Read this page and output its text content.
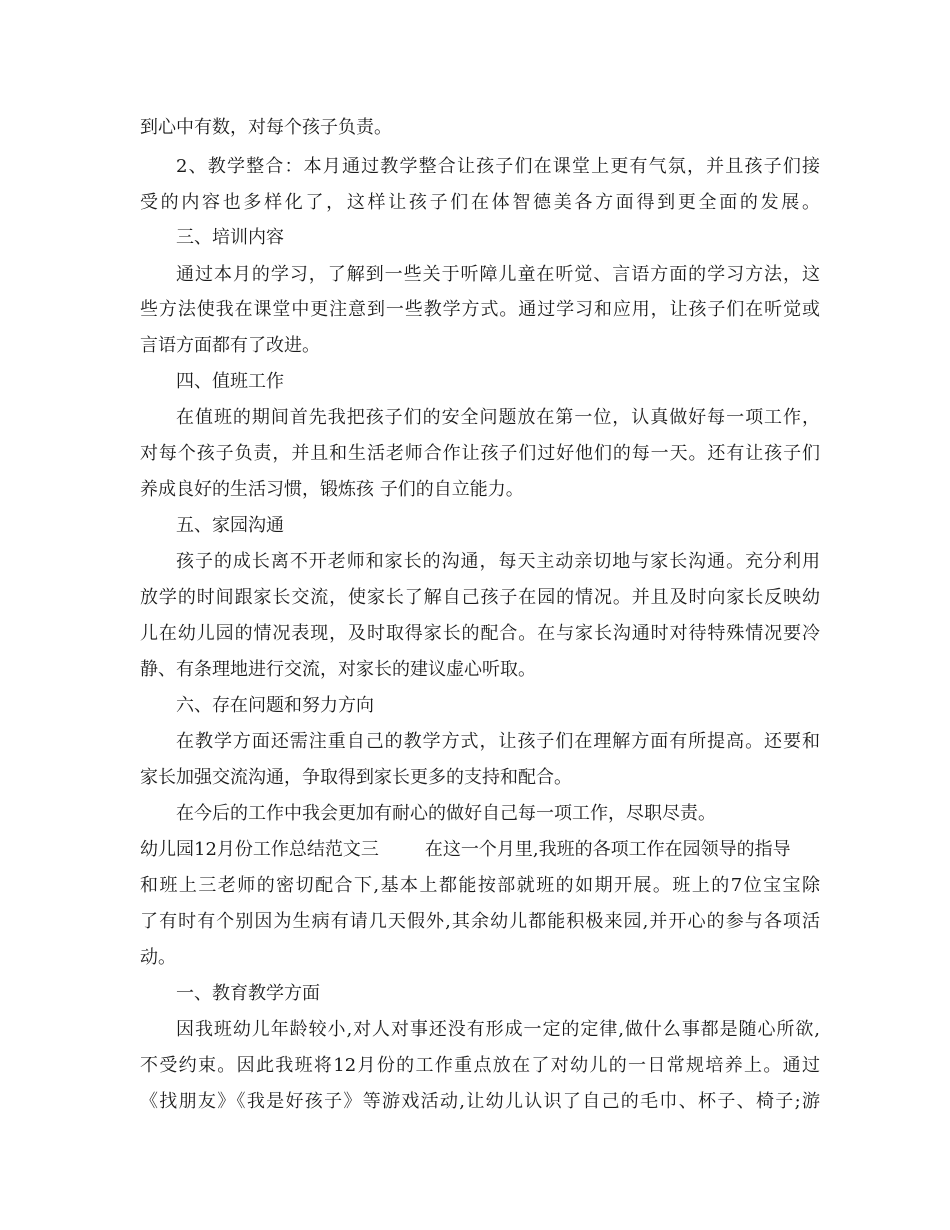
到心中有数，对每个孩子负责。
2、教学整合：本月通过教学整合让孩子们在课堂上更有气氛，并且孩子们接
受的内容也多样化了，这样让孩子们在体智德美各方面得到更全面的发展。
三、培训内容
通过本月的学习，了解到一些关于听障儿童在听觉、言语方面的学习方法，这
些方法使我在课堂中更注意到一些教学方式。通过学习和应用，让孩子们在听觉或
言语方面都有了改进。
四、值班工作
在值班的期间首先我把孩子们的安全问题放在第一位，认真做好每一项工作，
对每个孩子负责，并且和生活老师合作让孩子们过好他们的每一天。还有让孩子们
养成良好的生活习惯，锻炼孩 子们的自立能力。
五、家园沟通
孩子的成长离不开老师和家长的沟通，每天主动亲切地与家长沟通。充分利用
放学的时间跟家长交流，使家长了解自己孩子在园的情况。并且及时向家长反映幼
儿在幼儿园的情况表现，及时取得家长的配合。在与家长沟通时对待特殊情况要冷
静、有条理地进行交流，对家长的建议虚心听取。
六、存在问题和努力方向
在教学方面还需注重自己的教学方式，让孩子们在理解方面有所提高。还要和
家长加强交流沟通，争取得到家长更多的支持和配合。
在今后的工作中我会更加有耐心的做好自己每一项工作，尽职尽责。
幼儿园12月份工作总结范文三	在这一个月里,我班的各项工作在园领导的指导
和班上三老师的密切配合下,基本上都能按部就班的如期开展。班上的7位宝宝除
了有时有个别因为生病有请几天假外,其余幼儿都能积极来园,并开心的参与各项活
动。
一、教育教学方面
因我班幼儿年龄较小,对人对事还没有形成一定的定律,做什么事都是随心所欲,
不受约束。因此我班将12月份的工作重点放在了对幼儿的一日常规培养上。通过
《找朋友》《我是好孩子》等游戏活动,让幼儿认识了自己的毛巾、杯子、椅子;游
